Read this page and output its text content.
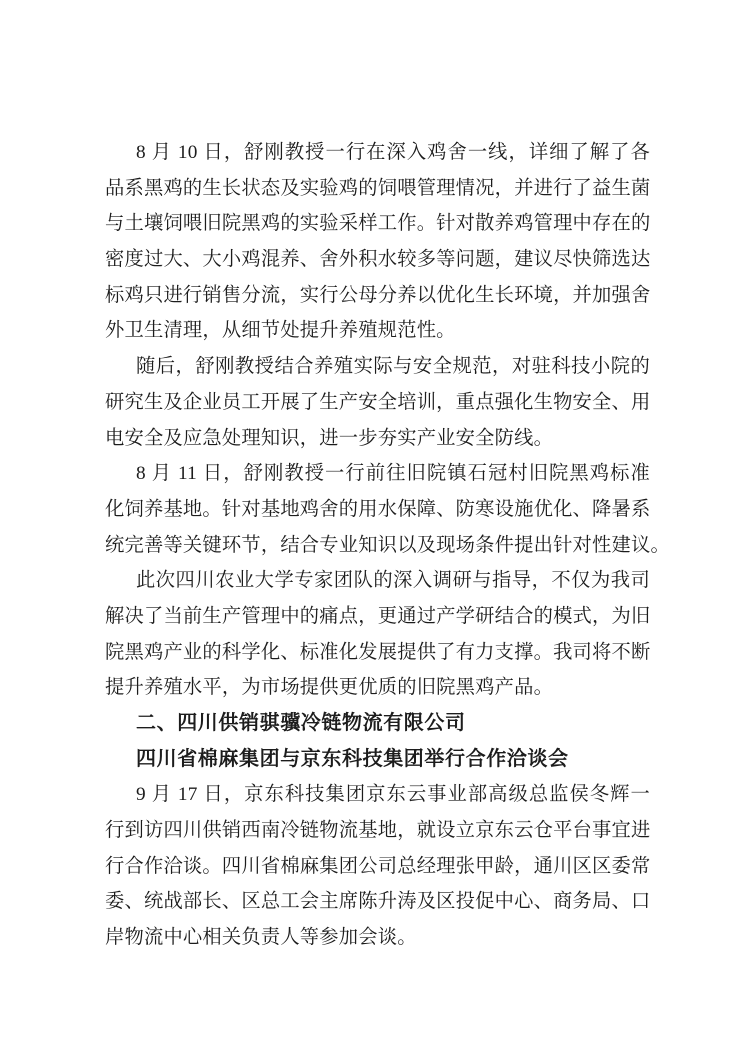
8 月 10 日，舒刚教授一行在深入鸡舍一线，详细了解了各
品系黑鸡的生长状态及实验鸡的饲喂管理情况，并进行了益生菌
与土壤饲喂旧院黑鸡的实验采样工作。针对散养鸡管理中存在的
密度过大、大小鸡混养、舍外积水较多等问题，建议尽快筛选达
标鸡只进行销售分流，实行公母分养以优化生长环境，并加强舍
外卫生清理，从细节处提升养殖规范性。
随后，舒刚教授结合养殖实际与安全规范，对驻科技小院的
研究生及企业员工开展了生产安全培训，重点强化生物安全、用
电安全及应急处理知识，进一步夯实产业安全防线。
8 月 11 日，舒刚教授一行前往旧院镇石冠村旧院黑鸡标准
化饲养基地。针对基地鸡舍的用水保障、防寒设施优化、降暑系
统完善等关键环节，结合专业知识以及现场条件提出针对性建议。
此次四川农业大学专家团队的深入调研与指导，不仅为我司
解决了当前生产管理中的痛点，更通过产学研结合的模式，为旧
院黑鸡产业的科学化、标准化发展提供了有力支撑。我司将不断
提升养殖水平，为市场提供更优质的旧院黑鸡产品。
二、四川供销骐骥冷链物流有限公司
四川省棉麻集团与京东科技集团举行合作洽谈会
9 月 17 日，京东科技集团京东云事业部高级总监侯冬辉一
行到访四川供销西南冷链物流基地，就设立京东云仓平台事宜进
行合作洽谈。四川省棉麻集团公司总经理张甲龄，通川区区委常
委、统战部长、区总工会主席陈升涛及区投促中心、商务局、口
岸物流中心相关负责人等参加会谈。
